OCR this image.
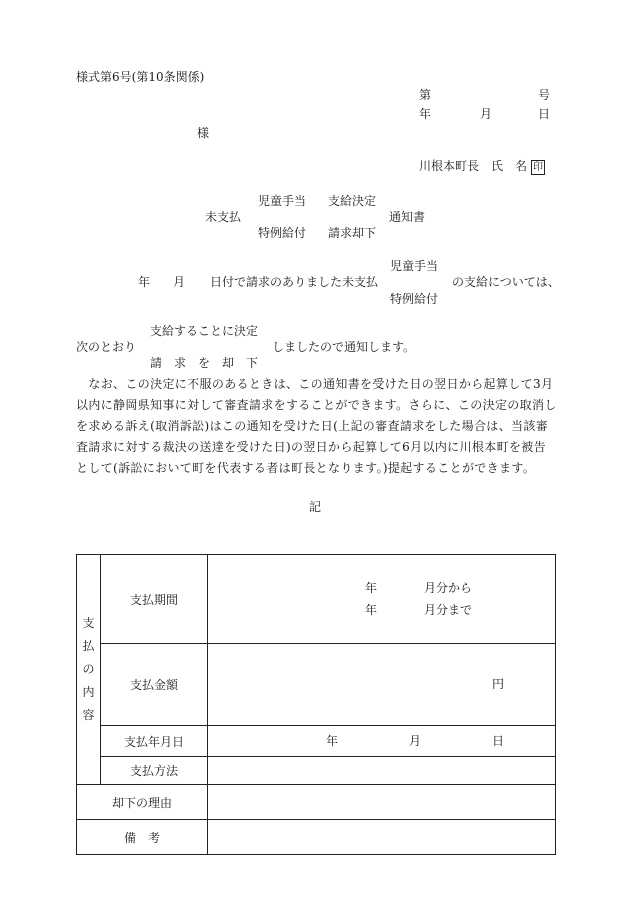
様式第6号(第10条関係)
第	号
年	月	日
様
川根本町長　氏　名 印
児童手当
特例給付
未支払
支給決定
請求却下
通知書
児童手当
特例給付
年 月 日付で請求のありました未支払	の支給については、
支給することに決定
請　求　を　却　下
次のとおり	しましたので通知します。
　なお、この決定に不服のあるときは、この通知書を受けた日の翌日から起算して3月以内に静岡県知事に対して審査請求をすることができます。さらに、この決定の取消しを求める訴え(取消訴訟)はこの通知を受けた日(上記の審査請求をした場合は、当該審査請求に対する裁決の送達を受けた日)の翌日から起算して6月以内に川根本町を被告として(訴訟において町を代表する者は町長となります。)提起することができます。
記
支
払
の
内
容	支払期間	年 月分から
年 月分まで

	支払金額	円

	支払年月日	年 月 日

	支払方法	
却下の理由		
備　考		
